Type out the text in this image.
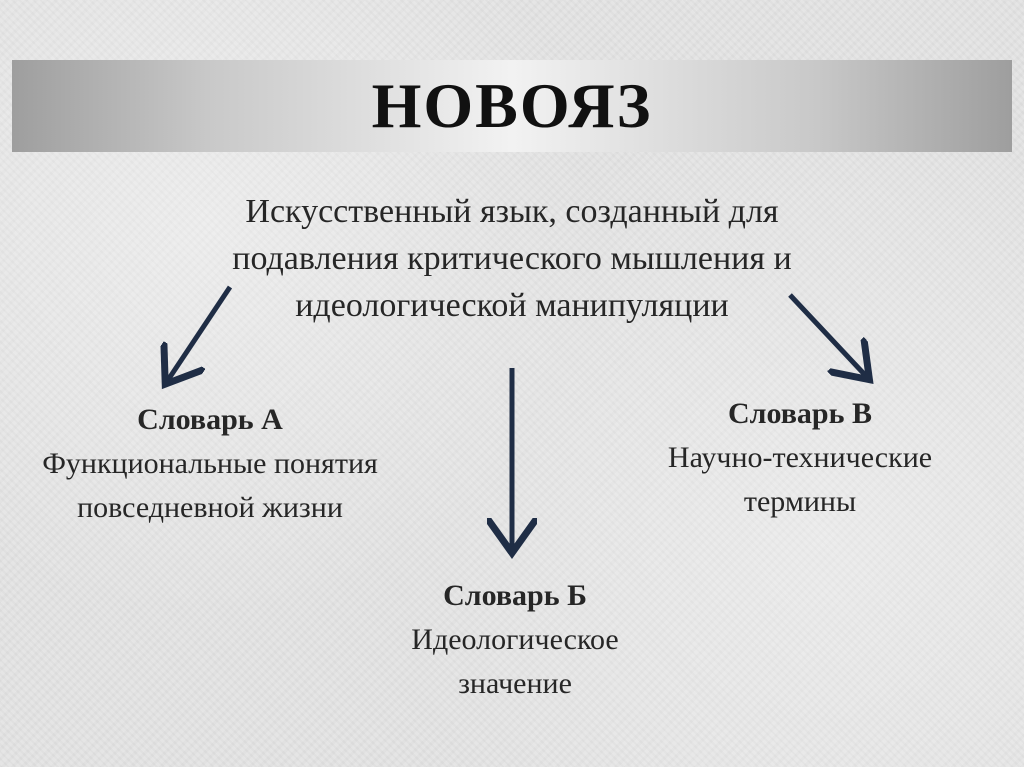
НОВОЯЗ
Искусственный язык, созданный для подавления критического мышления и идеологической манипуляции
Словарь А
Функциональные понятия повседневной жизни
Словарь Б
Идеологическое значение
Словарь В
Научно-технические термины
